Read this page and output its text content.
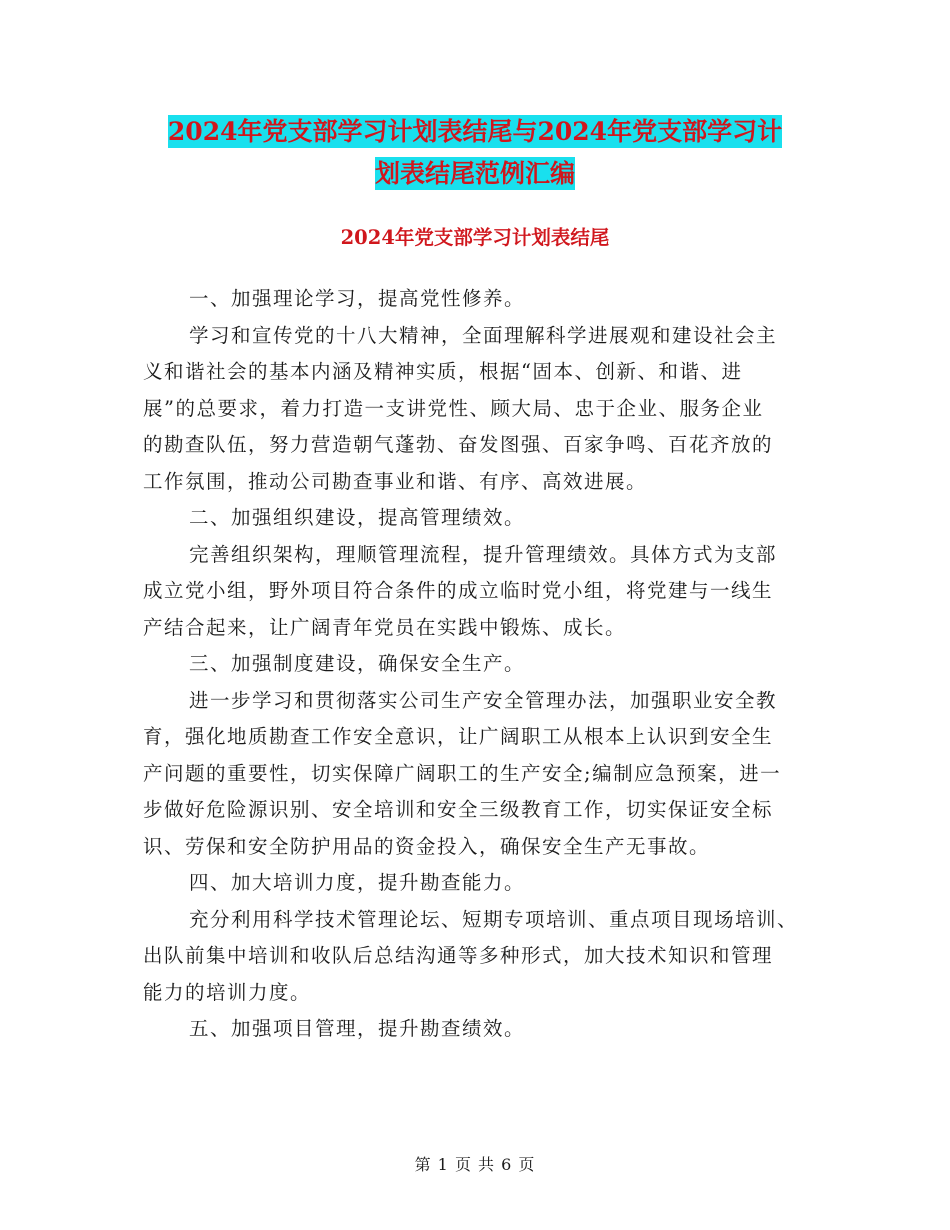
2024年党支部学习计划表结尾与2024年党支部学习计
划表结尾范例汇编
2024年党支部学习计划表结尾

一、加强理论学习，提高党性修养。

学习和宣传党的十八大精神，全面理解科学进展观和建设社会主
义和谐社会的基本内涵及精神实质，根据“固本、创新、和谐、进
展”的总要求，着力打造一支讲党性、顾大局、忠于企业、服务企业
的勘查队伍，努力营造朝气蓬勃、奋发图强、百家争鸣、百花齐放的
工作氛围，推动公司勘查事业和谐、有序、高效进展。

二、加强组织建设，提高管理绩效。

完善组织架构，理顺管理流程，提升管理绩效。具体方式为支部
成立党小组，野外项目符合条件的成立临时党小组，将党建与一线生
产结合起来，让广阔青年党员在实践中锻炼、成长。

三、加强制度建设，确保安全生产。

进一步学习和贯彻落实公司生产安全管理办法，加强职业安全教
育，强化地质勘查工作安全意识，让广阔职工从根本上认识到安全生
产问题的重要性，切实保障广阔职工的生产安全;编制应急预案，进一
步做好危险源识别、安全培训和安全三级教育工作，切实保证安全标
识、劳保和安全防护用品的资金投入，确保安全生产无事故。

四、加大培训力度，提升勘查能力。

充分利用科学技术管理论坛、短期专项培训、重点项目现场培训、
出队前集中培训和收队后总结沟通等多种形式，加大技术知识和管理
能力的培训力度。

五、加强项目管理，提升勘查绩效。

第 1 页 共 6 页
